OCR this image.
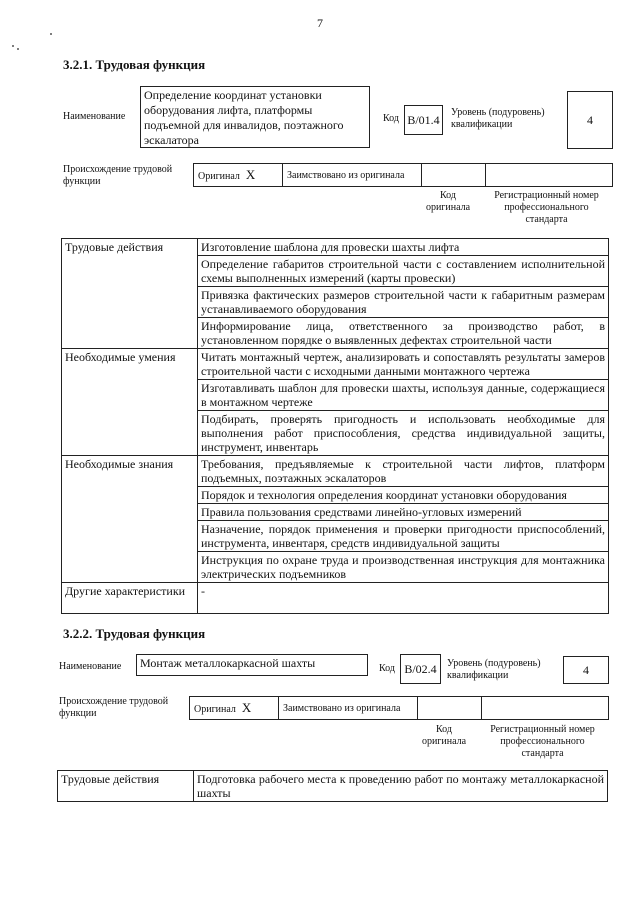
7
3.2.1. Трудовая функция
Наименование
Определение координат установки оборудования лифта, платформы подъемной для инвалидов, поэтажного эскалатора
Код B/01.4	Уровень (подуровень) квалификации	4
Происхождение трудовой функции	Оригинал X	Заимствовано из оригинала		
Код оригинала
Регистрационный номер профессионального стандарта
Трудовые действия	Изготовление шаблона для провески шахты лифта
	Определение габаритов строительной части с составлением исполнительной схемы выполненных измерений (карты провески)
	Привязка фактических размеров строительной части к габаритным размерам устанавливаемого оборудования
	Информирование лица, ответственного за производство работ, в установленном порядке о выявленных дефектах строительной части
Необходимые умения	Читать монтажный чертеж, анализировать и сопоставлять результаты замеров строительной части с исходными данными монтажного чертежа
	Изготавливать шаблон для провески шахты, используя данные, содержащиеся в монтажном чертеже
	Подбирать, проверять пригодность и использовать необходимые для выполнения работ приспособления, средства индивидуальной защиты, инструмент, инвентарь
Необходимые знания	Требования, предъявляемые к строительной части лифтов, платформ подъемных, поэтажных эскалаторов
	Порядок и технология определения координат установки оборудования
	Правила пользования средствами линейно-угловых измерений
	Назначение, порядок применения и проверки пригодности приспособлений, инструмента, инвентаря, средств индивидуальной защиты
	Инструкция по охране труда и производственная инструкция для монтажника электрических подъемников
Другие характеристики	-
3.2.2. Трудовая функция
Наименование	Монтаж металлокаркасной шахты	Код B/02.4	Уровень (подуровень) квалификации	4
Происхождение трудовой функции	Оригинал X	Заимствовано из оригинала		
Код оригинала
Регистрационный номер профессионального стандарта
Трудовые действия	Подготовка рабочего места к проведению работ по монтажу металлокаркасной шахты
